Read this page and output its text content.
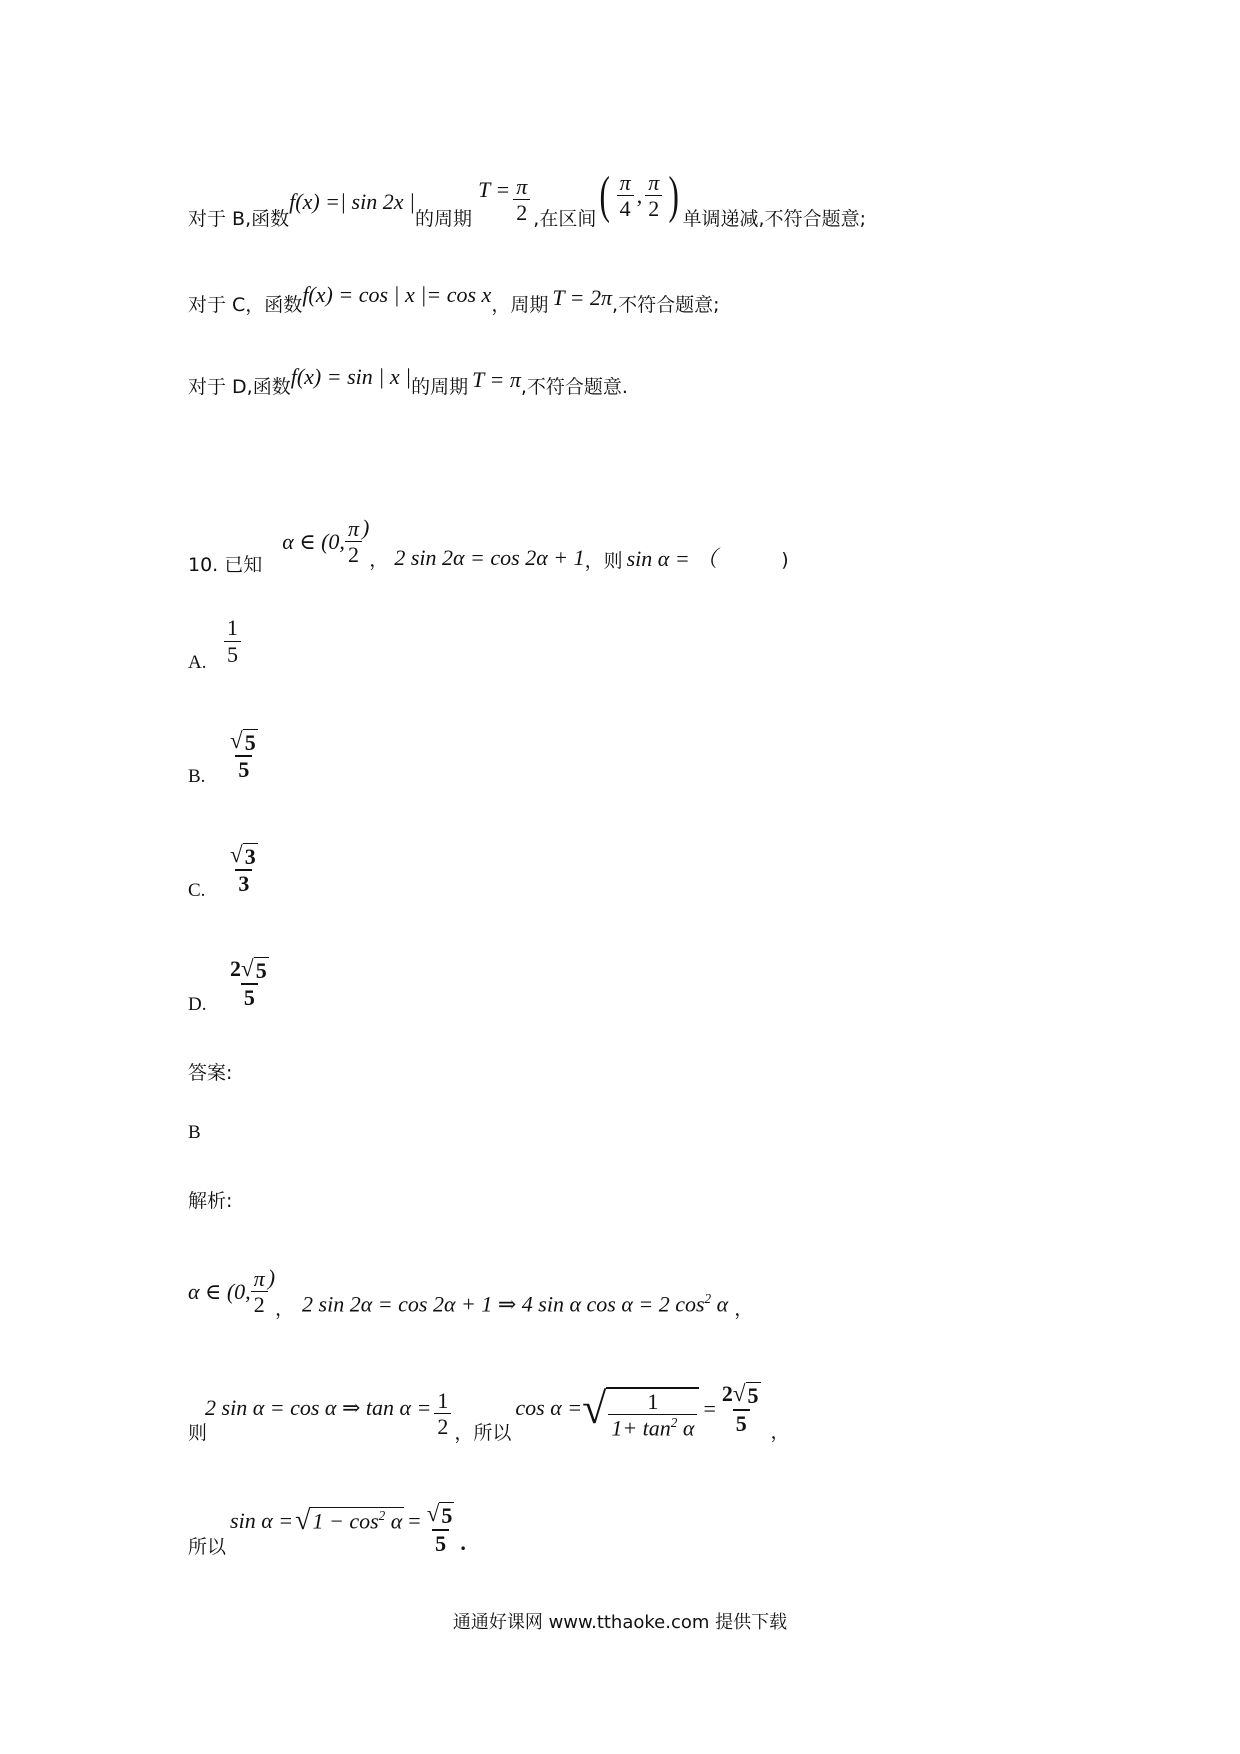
对于 B,函数
f(x) =| sin 2x |
的周期
$T = \frac{\pi}{2}$ ,在区间 ( $\frac{\pi}{4}$ , $\frac{\pi}{2}$ ) 单调递减,不符合题意;
对于 C，函数 f(x) = cos | x |= cos x ，周期 T = 2π ,不符合题意;
对于 D,函数 f(x) = sin | x | 的周期 T = π ,不符合题意.
10. 已知
α ∈ (0, $\frac{\pi}{2}$ )
， 2 sin 2α = cos 2α + 1 ，则 sin α = （	)
A. $\frac{1}{5}$
B. $\frac{√ 5}{5}$
C. $\frac{√ 3}{3}$
D. $\frac{2 √ 5}{5}$
答案:
B
解析:
α ∈ (0, $\frac{\pi}{2}$ )
， 2 sin 2α = cos 2α + 1 ⇒ 4 sin α cos α = 2 $\cos^2 \alpha$ ，
则
2 sin α = cos α ⇒ $\tan \alpha = \frac{1}{2}$ ，所以
cos α = √ $\frac{1}{1+ \tan^2 \alpha} = \frac{2 √ 5}{5}$ ，
所以
sin α = √ $1 - \cos^2 \alpha = \frac{√ 5}{5}$ .
通通好课网 www.tthaoke.com 提供下载
